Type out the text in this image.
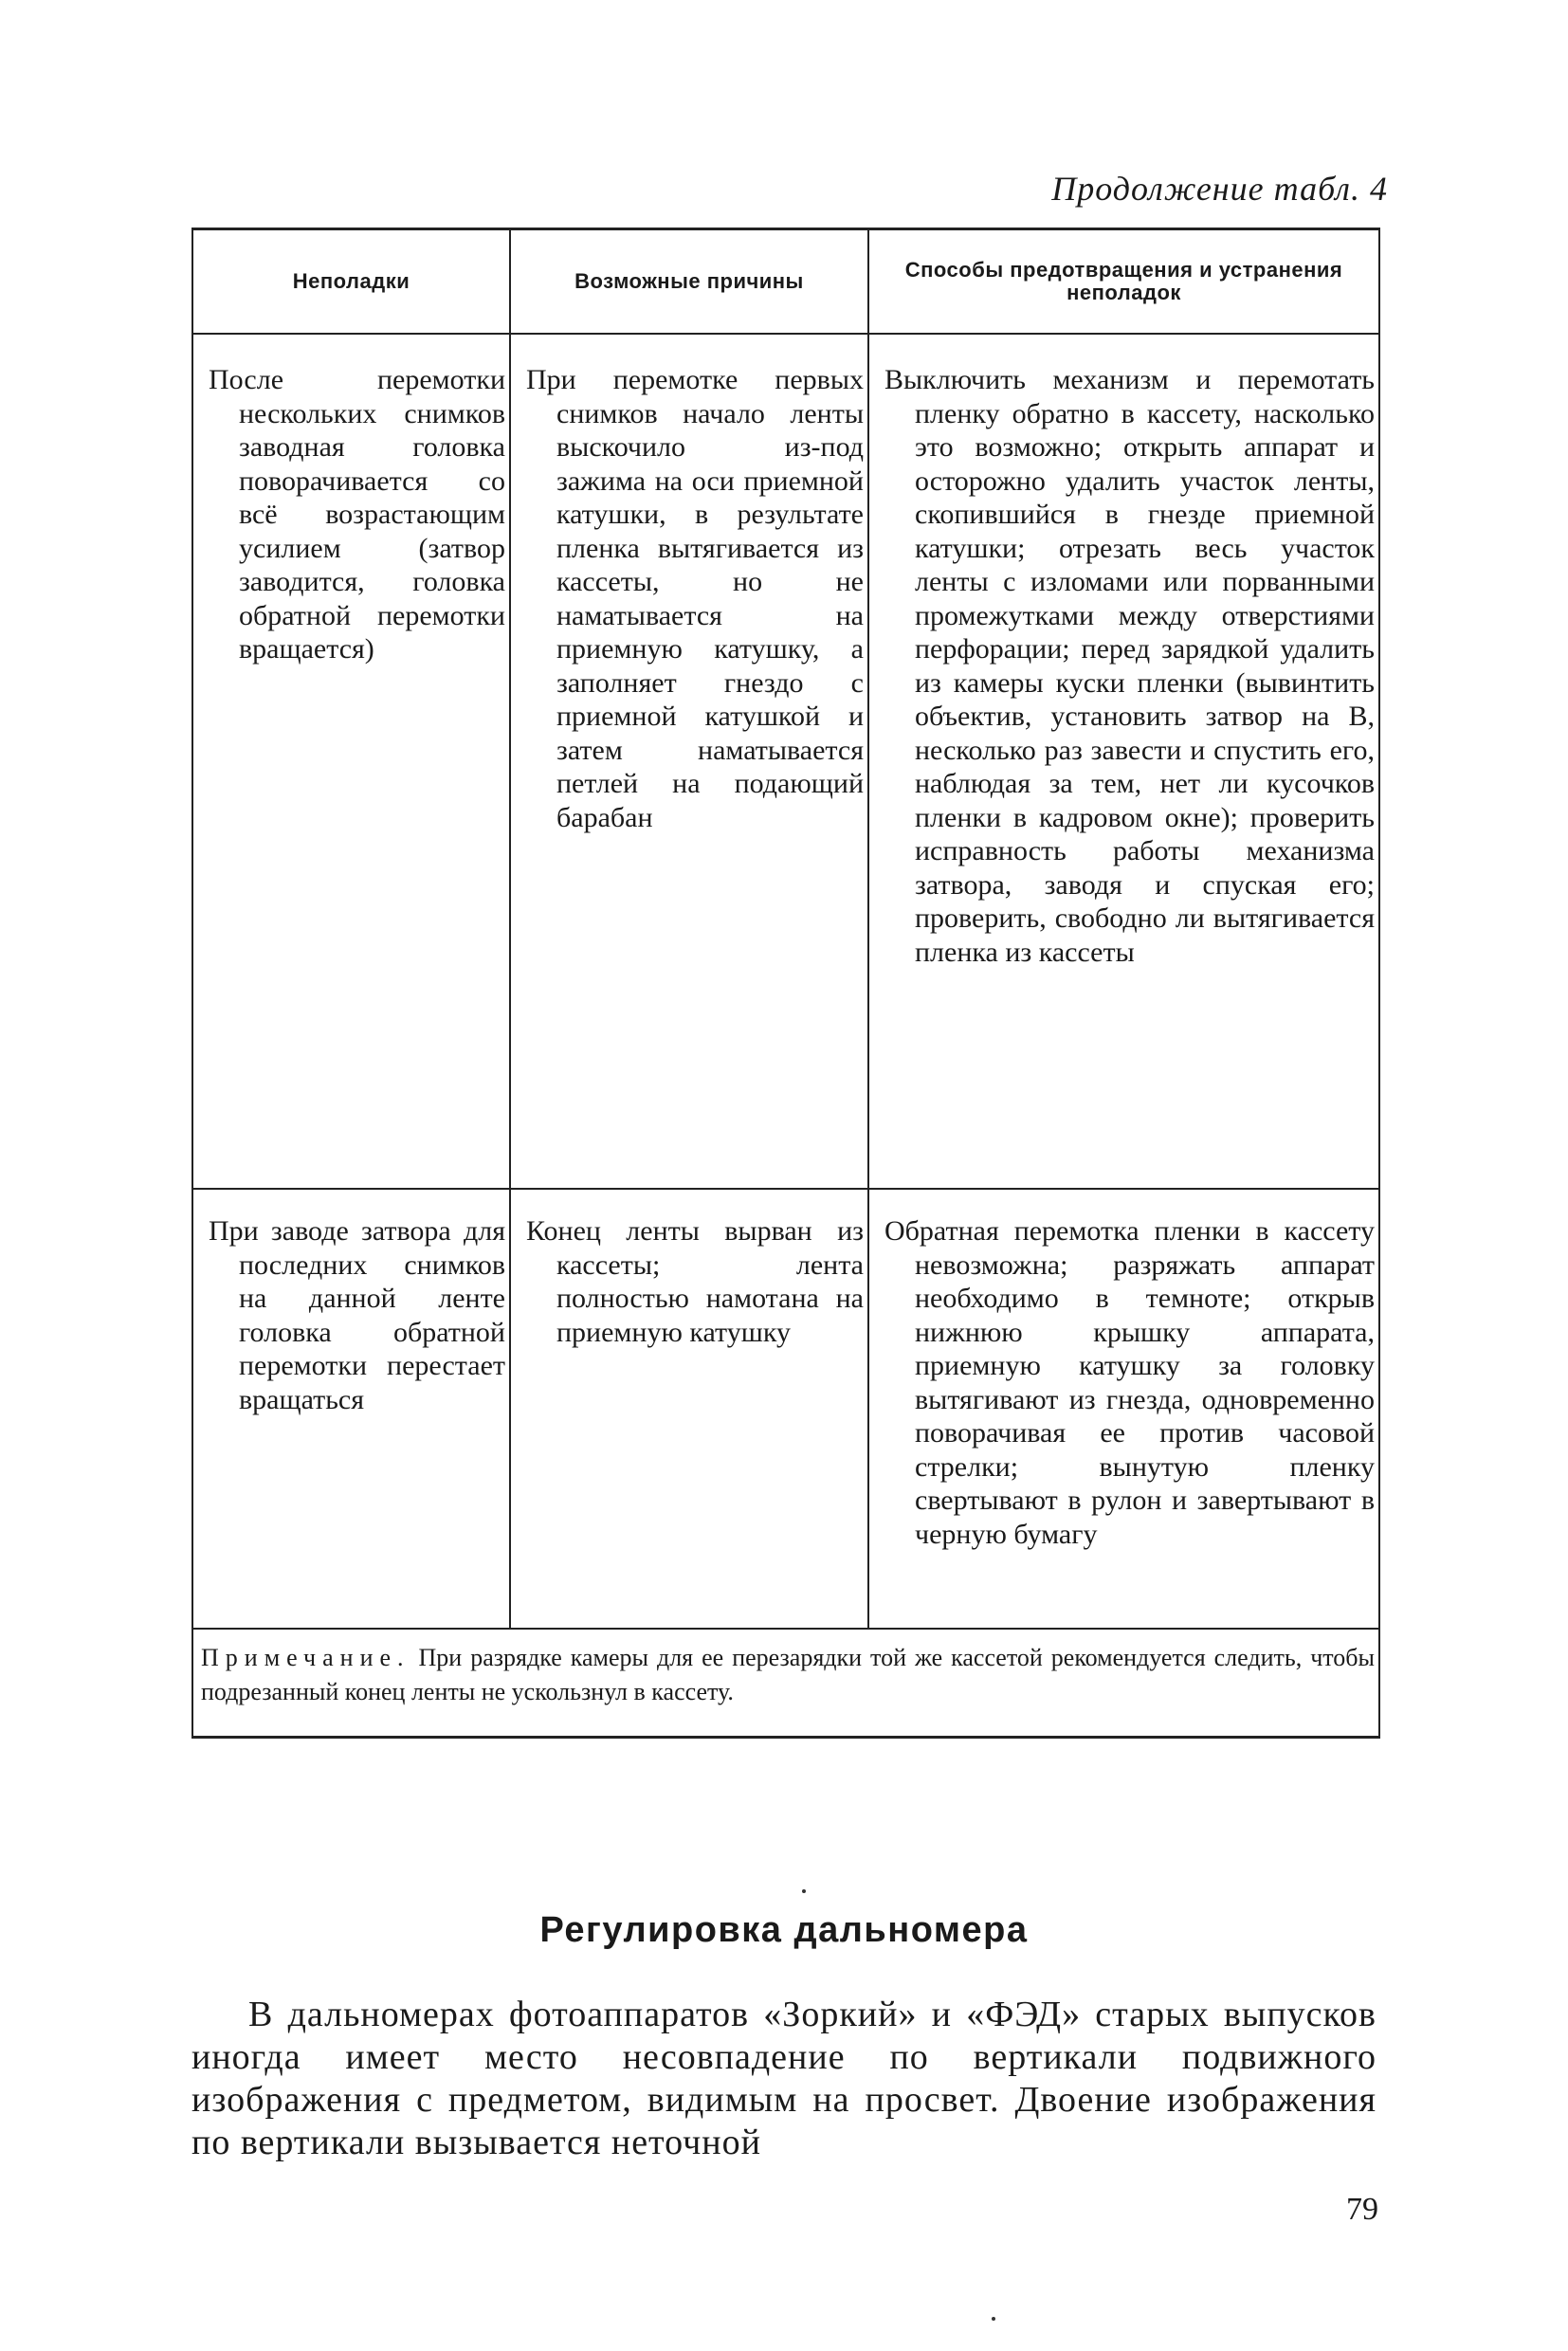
Продолжение табл. 4
Неполадки	Возможные причины	Способы предотвращения и устранения неполадок
После перемотки нескольких снимков заводная головка поворачивается со всё возрастающим усилием (затвор заводится, головка обратной перемотки вращается)
При перемотке первых снимков начало ленты выскочило из-под зажима на оси приемной катушки, в результате пленка вытягивается из кассеты, но не наматывается на приемную катушку, а заполняет гнездо с приемной катушкой и затем наматывается петлей на подающий барабан
Выключить механизм и перемотать пленку обратно в кассету, насколько это возможно; открыть аппарат и осторожно удалить участок ленты, скопившийся в гнезде приемной катушки; отрезать весь участок ленты с изломами или порванными промежутками между отверстиями перфорации; перед зарядкой удалить из камеры куски пленки (вывинтить объектив, установить затвор на В, несколько раз завести и спустить его, наблюдая за тем, нет ли кусочков пленки в кадровом окне); проверить исправность работы механизма затвора, заводя и спуская его; проверить, свободно ли вытягивается пленка из кассеты
При заводе затвора для последних снимков на данной ленте головка обратной перемотки перестает вращаться
Конец ленты вырван из кассеты; лента полностью намотана на приемную катушку
Обратная перемотка пленки в кассету невозможна; разряжать аппарат необходимо в темноте; открыв нижнюю крышку аппарата, приемную катушку за головку вытягивают из гнезда, одновременно поворачивая ее против часовой стрелки; вынутую пленку свертывают в рулон и завертывают в черную бумагу
Примечание. При разрядке камеры для ее перезарядки той же кассетой рекомендуется следить, чтобы подрезанный конец ленты не ускользнул в кассету.
Регулировка дальномера
В дальномерах фотоаппаратов «Зоркий» и «ФЭД» старых выпусков иногда имеет место несовпадение по вертикали подвижного изображения с предметом, видимым на просвет. Двоение изображения по вертикали вызывается неточной
79
